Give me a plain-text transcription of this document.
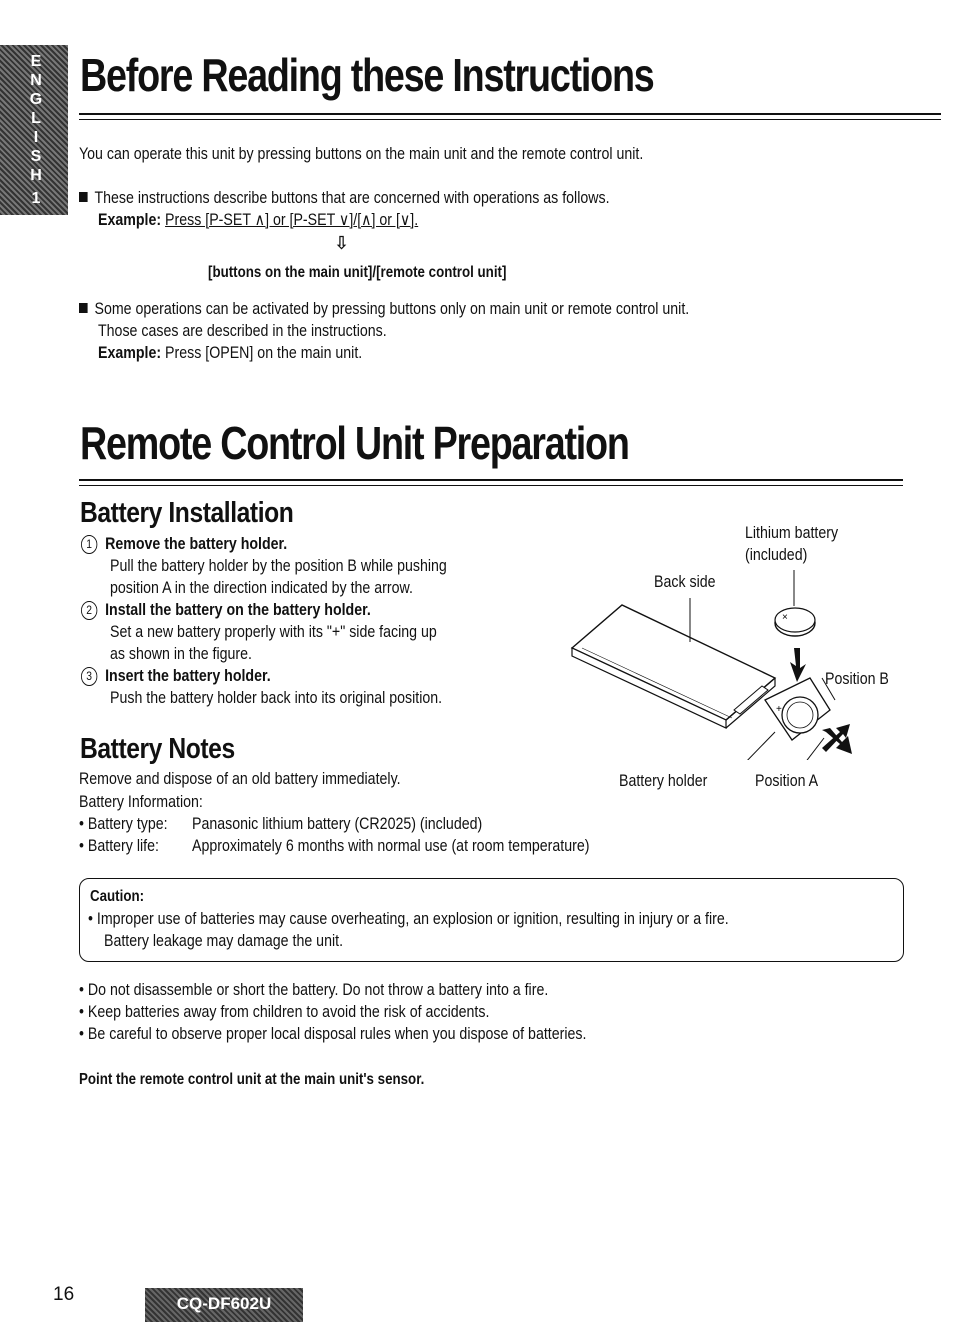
E
N
G
L
I
S
H
1
Before Reading these Instructions
You can operate this unit by pressing buttons on the main unit and the remote control unit.
These instructions describe buttons that are concerned with operations as follows.
Example: Press [P-SET ∧] or [P-SET ∨]/[∧] or [∨].
⇩
[buttons on the main unit]/[remote control unit]
Some operations can be activated by pressing buttons only on main unit or remote control unit.
Those cases are described in the instructions.
Example: Press [OPEN] on the main unit.
Remote Control Unit Preparation
Battery Installation
1 Remove the battery holder.
Pull the battery holder by the position B while pushing
position A in the direction indicated by the arrow.
2 Install the battery on the battery holder.
Set a new battery properly with its "+" side facing up
as shown in the figure.
3 Insert the battery holder.
Push the battery holder back into its original position.
+
×
Lithium battery
(included)
Back side
Position B
Battery holder	Position A
Battery Notes
Remove and dispose of an old battery immediately.
Battery Information:
• Battery type: Panasonic lithium battery (CR2025) (included)
• Battery life: Approximately 6 months with normal use (at room temperature)
Caution:
• Improper use of batteries may cause overheating, an explosion or ignition, resulting in injury or a fire.
Battery leakage may damage the unit.
• Do not disassemble or short the battery. Do not throw a battery into a fire.
• Keep batteries away from children to avoid the risk of accidents.
• Be careful to observe proper local disposal rules when you dispose of batteries.
Point the remote control unit at the main unit's sensor.
16	CQ-DF602U
